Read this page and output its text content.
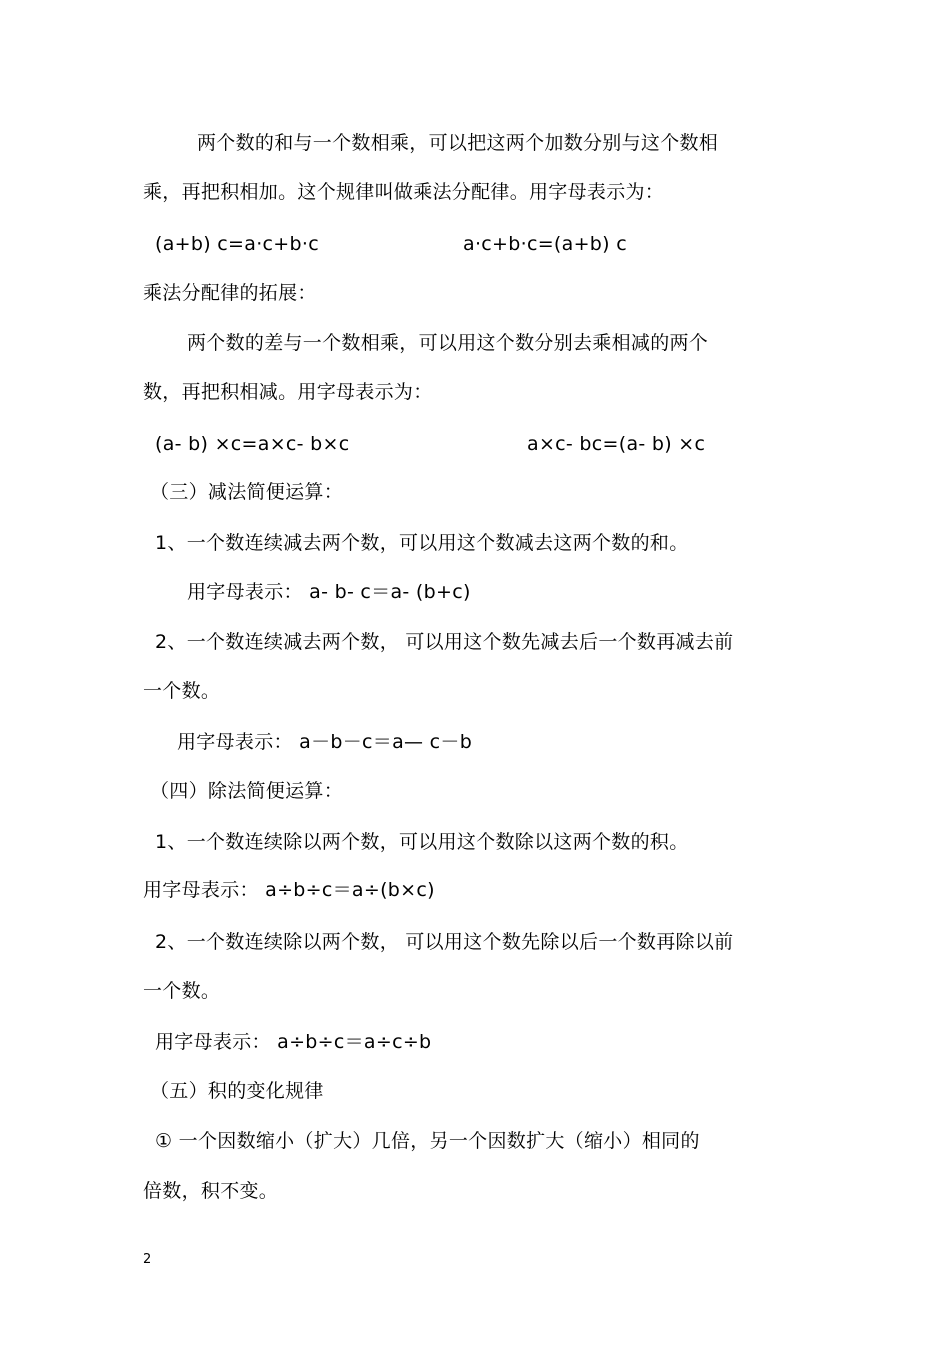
两个数的和与一个数相乘，可以把这两个加数分别与这个数相
乘，再把积相加。这个规律叫做乘法分配律。用字母表示为：
(a+b) c=a·c+b·c	a·c+b·c=(a+b) c
乘法分配律的拓展：
两个数的差与一个数相乘，可以用这个数分别去乘相减的两个
数，再把积相减。用字母表示为：
(a- b) ×c=a×c- b×c	a×c- bc=(a- b) ×c
（三）减法简便运算：
1、一个数连续减去两个数，可以用这个数减去这两个数的和。
用字母表示： a- b- c＝a- (b+c)
2、一个数连续减去两个数， 可以用这个数先减去后一个数再减去前
一个数。
用字母表示： a－b－c＝a— c－b
（四）除法简便运算：
1、一个数连续除以两个数，可以用这个数除以这两个数的积。
用字母表示： a÷b÷c＝a÷(b×c)
2、一个数连续除以两个数， 可以用这个数先除以后一个数再除以前
一个数。
用字母表示： a÷b÷c＝a÷c÷b
（五）积的变化规律
① 一个因数缩小（扩大）几倍，另一个因数扩大（缩小）相同的
倍数，积不变。
2
